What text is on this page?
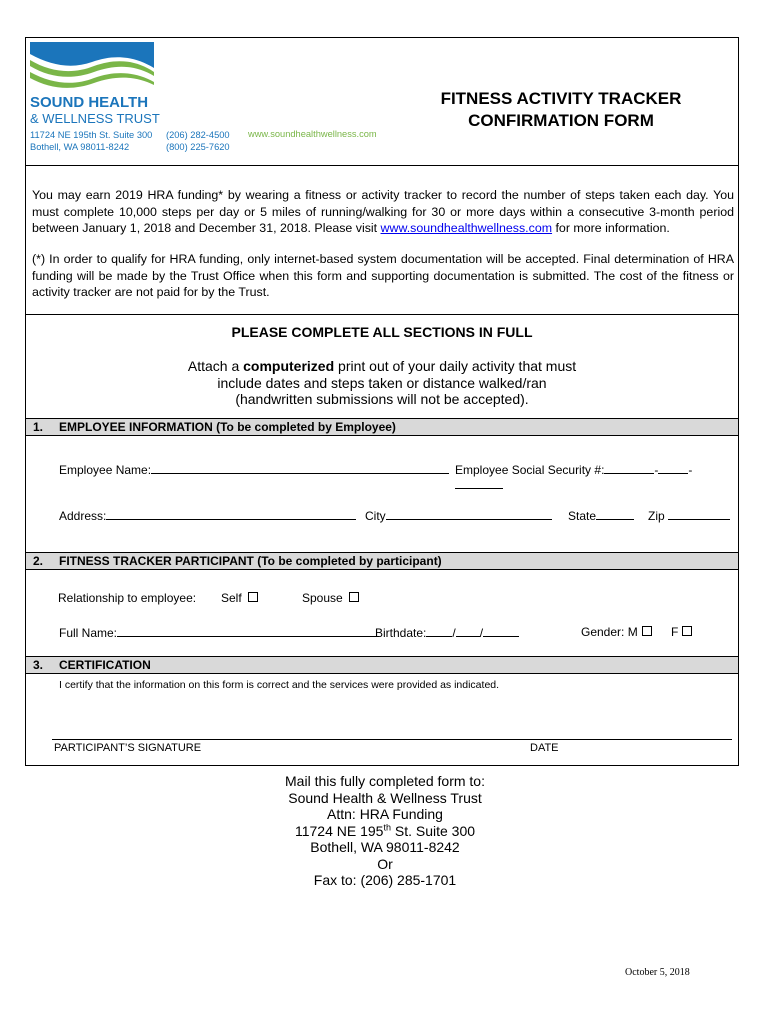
SOUND HEALTH
& WELLNESS TRUST
11724 NE 195th St. Suite 300
Bothell, WA 98011-8242
(206) 282-4500
(800) 225-7620
www.soundhealthwellness.com
FITNESS ACTIVITY TRACKER
CONFIRMATION FORM
You may earn 2019 HRA funding* by wearing a fitness or activity tracker to record the number of steps taken each day. You must complete 10,000 steps per day or 5 miles of running/walking for 30 or more days within a consecutive 3-month period between January 1, 2018 and December 31, 2018. Please visit www.soundhealthwellness.com for more information.
(*) In order to qualify for HRA funding, only internet-based system documentation will be accepted. Final determination of HRA funding will be made by the Trust Office when this form and supporting documentation is submitted. The cost of the fitness or activity tracker are not paid for by the Trust.
PLEASE COMPLETE ALL SECTIONS IN FULL
Attach a computerized print out of your daily activity that must
include dates and steps taken or distance walked/ran
(handwritten submissions will not be accepted).
1. EMPLOYEE INFORMATION (To be completed by Employee)
Employee Name:	Employee Social Security #:	-	-
Address:	City	State	Zip
2. FITNESS TRACKER PARTICIPANT (To be completed by participant)
Relationship to employee: Self	Spouse
Full Name:	Birthdate: / /	Gender: M	F
3. CERTIFICATION
I certify that the information on this form is correct and the services were provided as indicated.
PARTICIPANT’S SIGNATURE	DATE
Mail this fully completed form to:
Sound Health & Wellness Trust
Attn: HRA Funding
11724 NE 195th St. Suite 300
Bothell, WA 98011-8242
Or
Fax to: (206) 285-1701
October 5, 2018
